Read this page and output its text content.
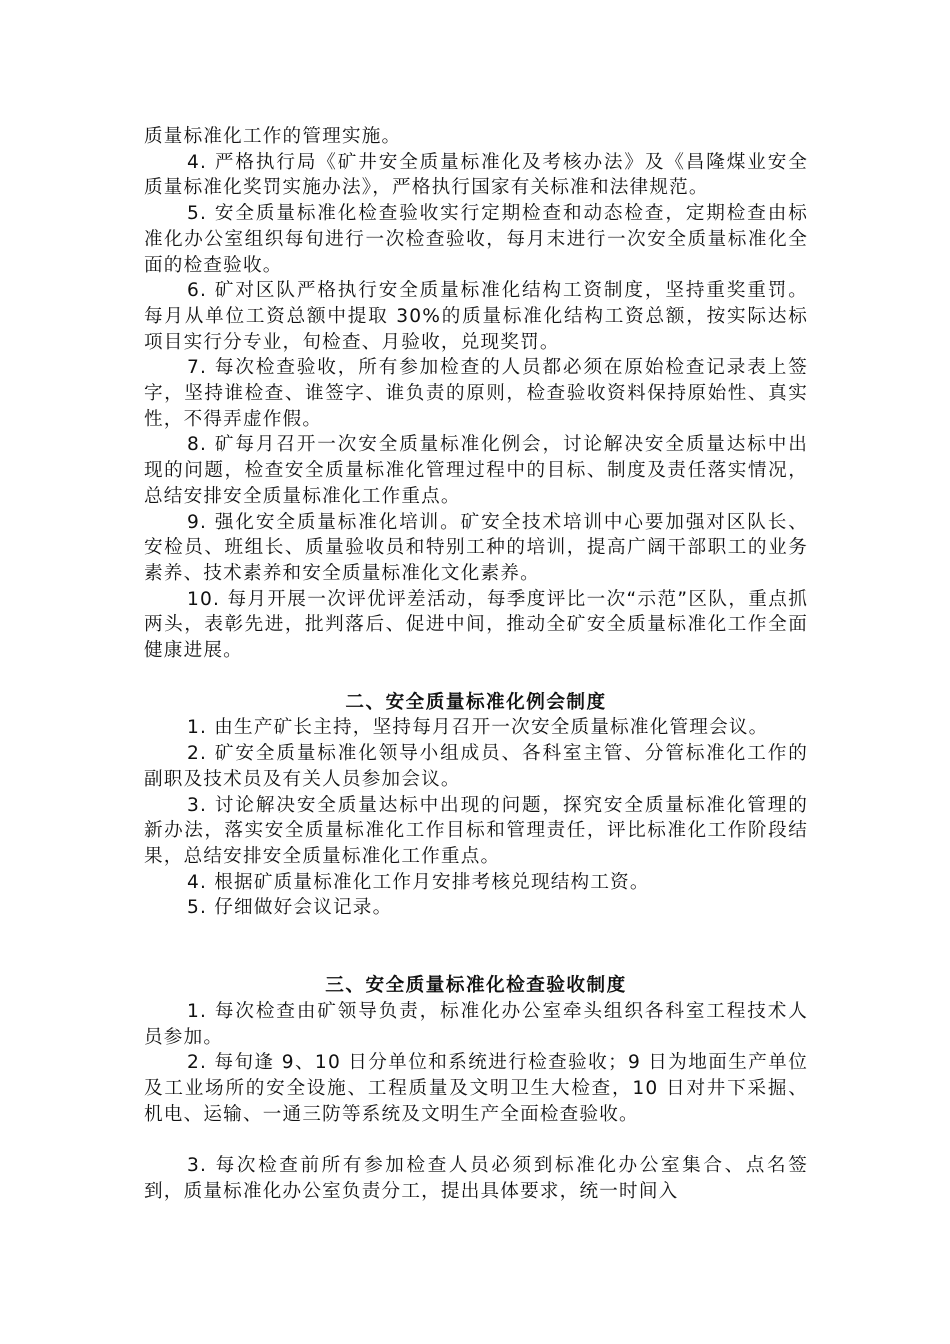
质量标准化工作的管理实施。

4. 严格执行局《矿井安全质量标准化及考核办法》及《昌隆煤业安全质量标准化奖罚实施办法》，严格执行国家有关标准和法律规范。

5. 安全质量标准化检查验收实行定期检查和动态检查，定期检查由标准化办公室组织每旬进行一次检查验收，每月末进行一次安全质量标准化全面的检查验收。

6. 矿对区队严格执行安全质量标准化结构工资制度，坚持重奖重罚。每月从单位工资总额中提取 30%的质量标准化结构工资总额，按实际达标项目实行分专业，旬检查、月验收，兑现奖罚。

7. 每次检查验收，所有参加检查的人员都必须在原始检查记录表上签字，坚持谁检查、谁签字、谁负责的原则，检查验收资料保持原始性、真实性，不得弄虚作假。

8. 矿每月召开一次安全质量标准化例会，讨论解决安全质量达标中出现的问题，检查安全质量标准化管理过程中的目标、制度及责任落实情况，总结安排安全质量标准化工作重点。

9. 强化安全质量标准化培训。矿安全技术培训中心要加强对区队长、安检员、班组长、质量验收员和特别工种的培训，提高广阔干部职工的业务素养、技术素养和安全质量标准化文化素养。

10. 每月开展一次评优评差活动，每季度评比一次“示范”区队，重点抓两头，表彰先进，批判落后、促进中间，推动全矿安全质量标准化工作全面健康进展。

二、安全质量标准化例会制度

1. 由生产矿长主持，坚持每月召开一次安全质量标准化管理会议。

2. 矿安全质量标准化领导小组成员、各科室主管、分管标准化工作的副职及技术员及有关人员参加会议。

3. 讨论解决安全质量达标中出现的问题，探究安全质量标准化管理的新办法，落实安全质量标准化工作目标和管理责任，评比标准化工作阶段结果，总结安排安全质量标准化工作重点。

4. 根据矿质量标准化工作月安排考核兑现结构工资。

5. 仔细做好会议记录。

三、安全质量标准化检查验收制度

1. 每次检查由矿领导负责，标准化办公室牵头组织各科室工程技术人员参加。

2. 每旬逢 9、10 日分单位和系统进行检查验收；9 日为地面生产单位及工业场所的安全设施、工程质量及文明卫生大检查，10 日对井下采掘、机电、运输、一通三防等系统及文明生产全面检查验收。

3. 每次检查前所有参加检查人员必须到标准化办公室集合、点名签到，质量标准化办公室负责分工，提出具体要求，统一时间入
